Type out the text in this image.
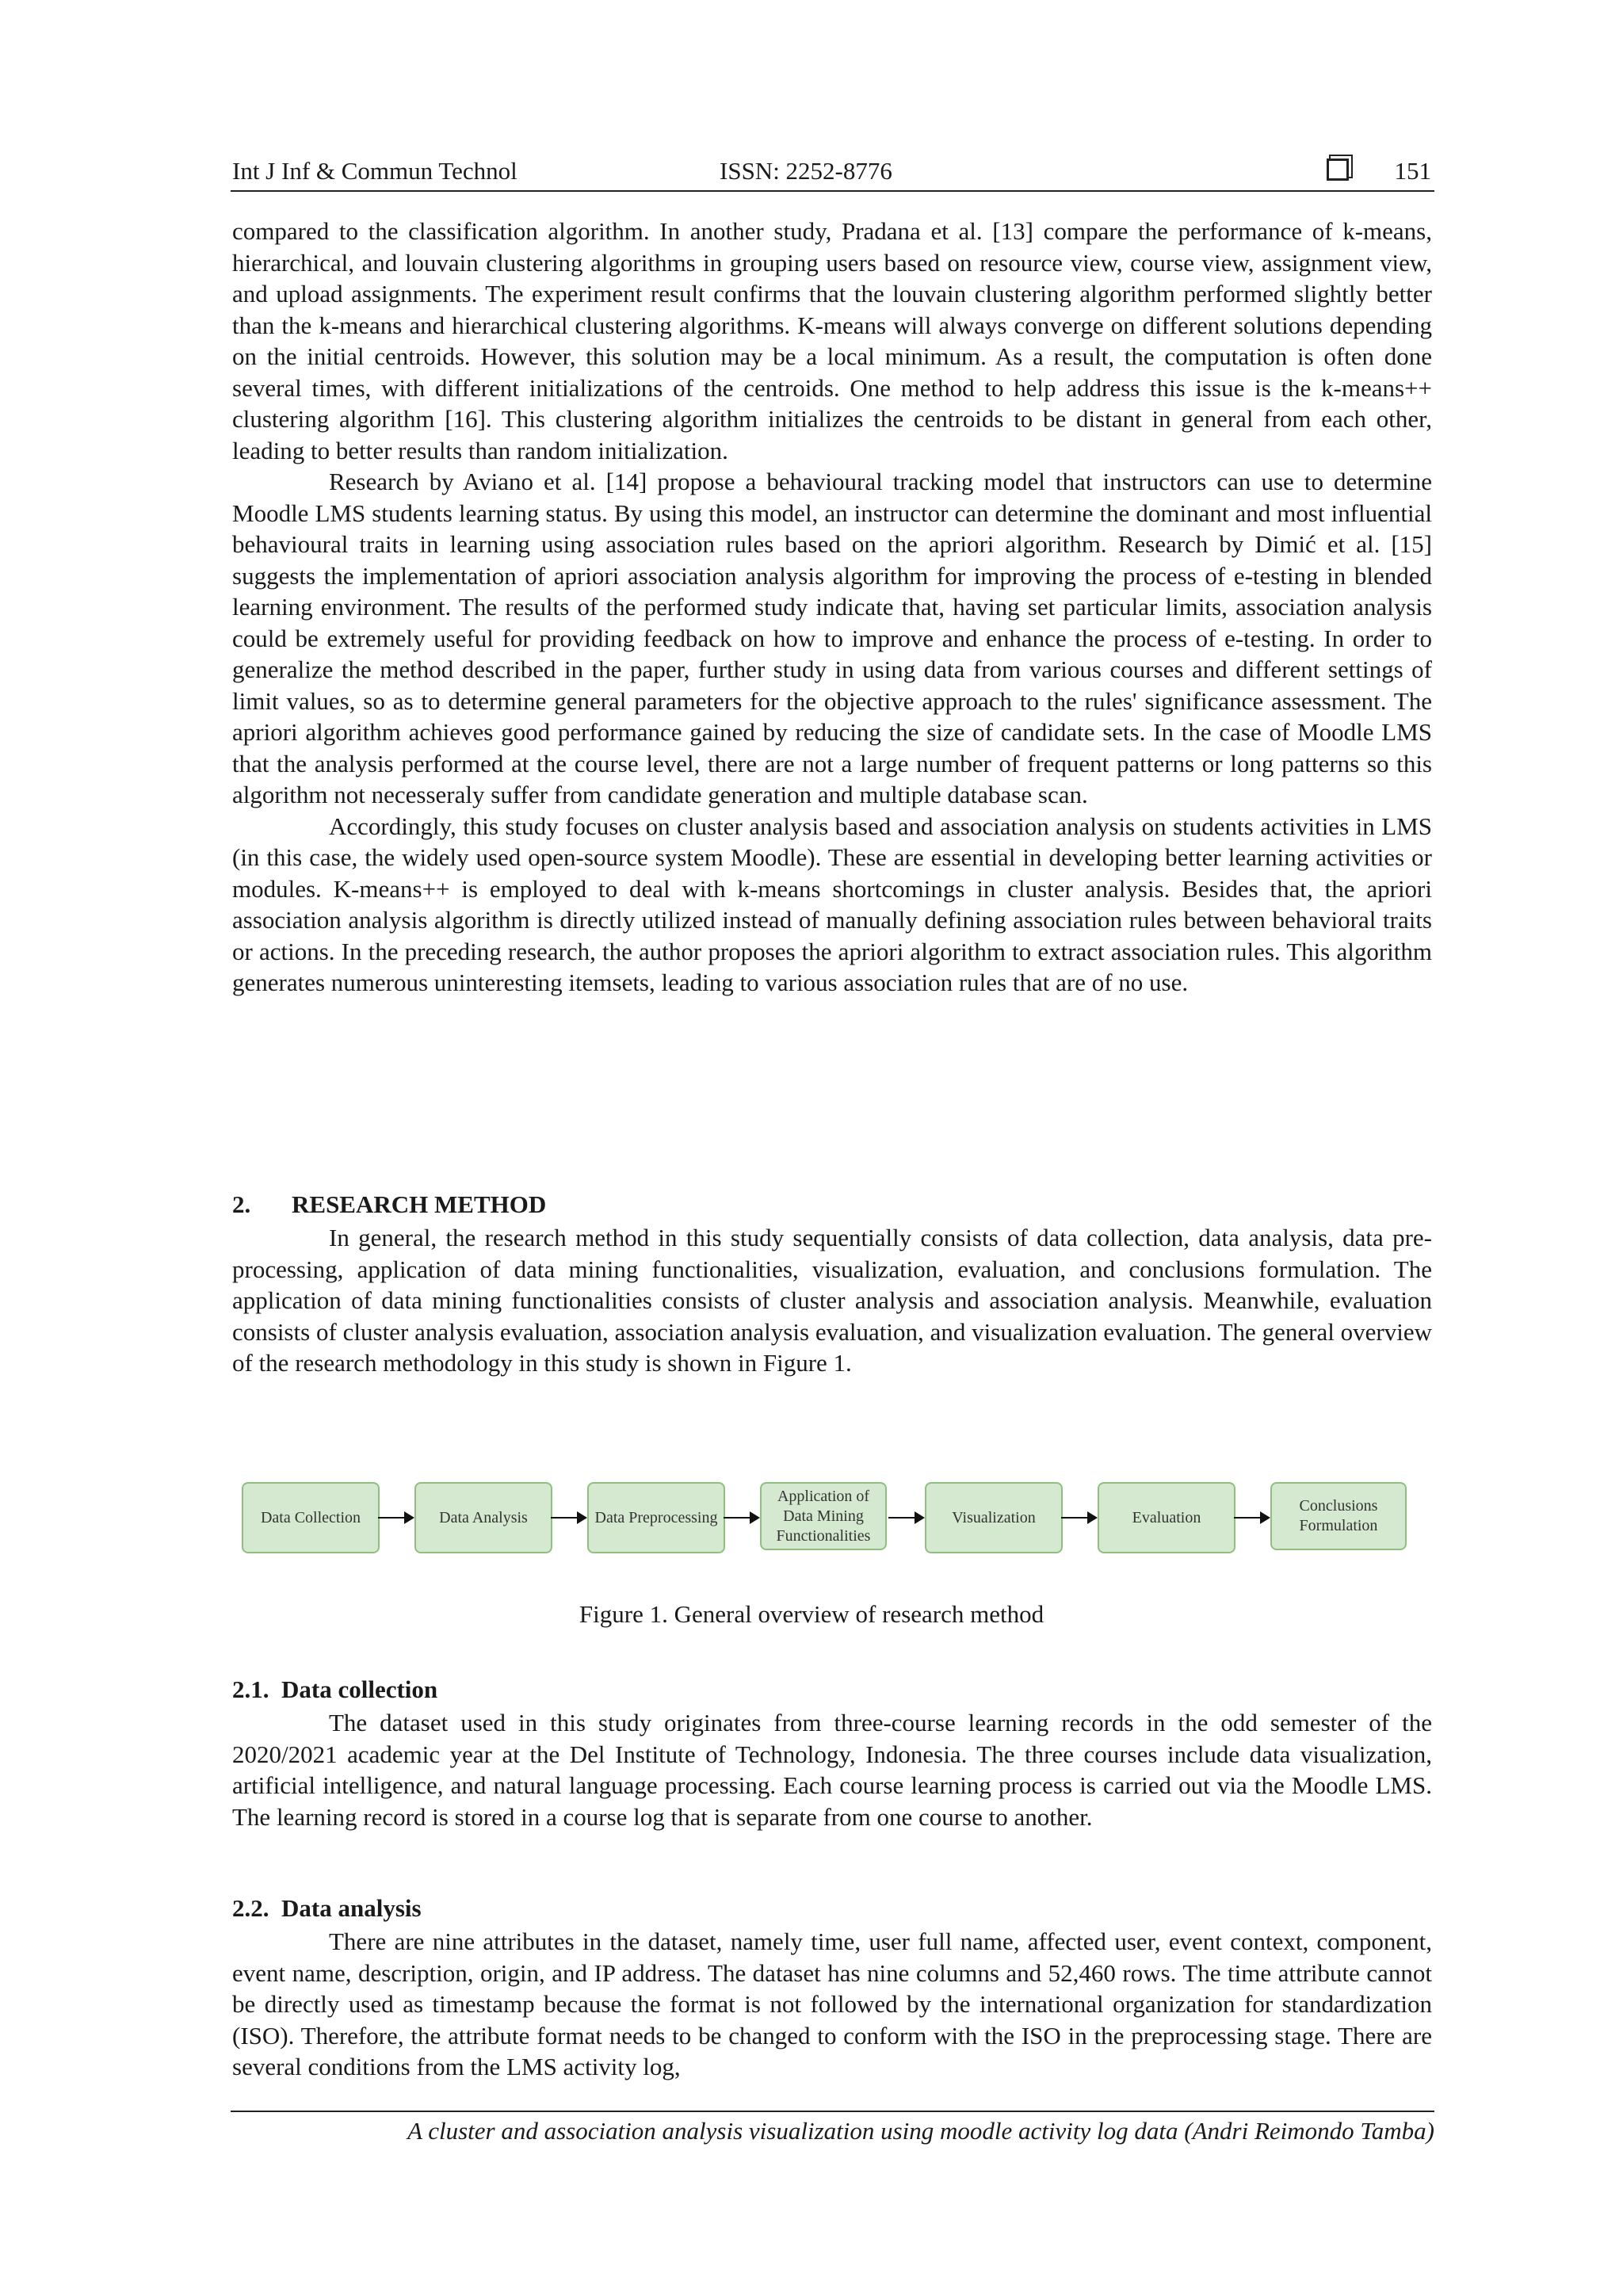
Int J Inf & Commun Technol	ISSN: 2252-8776	151

compared to the classification algorithm. In another study, Pradana et al. [13] compare the performance of k-means, hierarchical, and louvain clustering algorithms in grouping users based on resource view, course view, assignment view, and upload assignments. The experiment result confirms that the louvain clustering algorithm performed slightly better than the k-means and hierarchical clustering algorithms. K-means will always converge on different solutions depending on the initial centroids. However, this solution may be a local minimum. As a result, the computation is often done several times, with different initializations of the centroids. One method to help address this issue is the k-means++ clustering algorithm [16]. This clustering algorithm initializes the centroids to be distant in general from each other, leading to better results than random initialization.

Research by Aviano et al. [14] propose a behavioural tracking model that instructors can use to determine Moodle LMS students learning status. By using this model, an instructor can determine the dominant and most influential behavioural traits in learning using association rules based on the apriori algorithm. Research by Dimić et al. [15] suggests the implementation of apriori association analysis algorithm for improving the process of e-testing in blended learning environment. The results of the performed study indicate that, having set particular limits, association analysis could be extremely useful for providing feedback on how to improve and enhance the process of e-testing. In order to generalize the method described in the paper, further study in using data from various courses and different settings of limit values, so as to determine general parameters for the objective approach to the rules' significance assessment. The apriori algorithm achieves good performance gained by reducing the size of candidate sets. In the case of Moodle LMS that the analysis performed at the course level, there are not a large number of frequent patterns or long patterns so this algorithm not necesseraly suffer from candidate generation and multiple database scan.

Accordingly, this study focuses on cluster analysis based and association analysis on students activities in LMS (in this case, the widely used open-source system Moodle). These are essential in developing better learning activities or modules. K-means++ is employed to deal with k-means shortcomings in cluster analysis. Besides that, the apriori association analysis algorithm is directly utilized instead of manually defining association rules between behavioral traits or actions. In the preceding research, the author proposes the apriori algorithm to extract association rules. This algorithm generates numerous uninteresting itemsets, leading to various association rules that are of no use.

2. RESEARCH METHOD

In general, the research method in this study sequentially consists of data collection, data analysis, data pre-processing, application of data mining functionalities, visualization, evaluation, and conclusions formulation. The application of data mining functionalities consists of cluster analysis and association analysis. Meanwhile, evaluation consists of cluster analysis evaluation, association analysis evaluation, and visualization evaluation. The general overview of the research methodology in this study is shown in Figure 1.

Data Collection	Data Analysis	Data Preprocessing
Application of Data Mining Functionalities
Visualization	Evaluation
Conclusions Formulation
Figure 1. General overview of research method
2.1. Data collection

The dataset used in this study originates from three-course learning records in the odd semester of the 2020/2021 academic year at the Del Institute of Technology, Indonesia. The three courses include data visualization, artificial intelligence, and natural language processing. Each course learning process is carried out via the Moodle LMS. The learning record is stored in a course log that is separate from one course to another.

2.2. Data analysis

There are nine attributes in the dataset, namely time, user full name, affected user, event context, component, event name, description, origin, and IP address. The dataset has nine columns and 52,460 rows. The time attribute cannot be directly used as timestamp because the format is not followed by the international organization for standardization (ISO). Therefore, the attribute format needs to be changed to conform with the ISO in the preprocessing stage. There are several conditions from the LMS activity log,

A cluster and association analysis visualization using moodle activity log data (Andri Reimondo Tamba)
